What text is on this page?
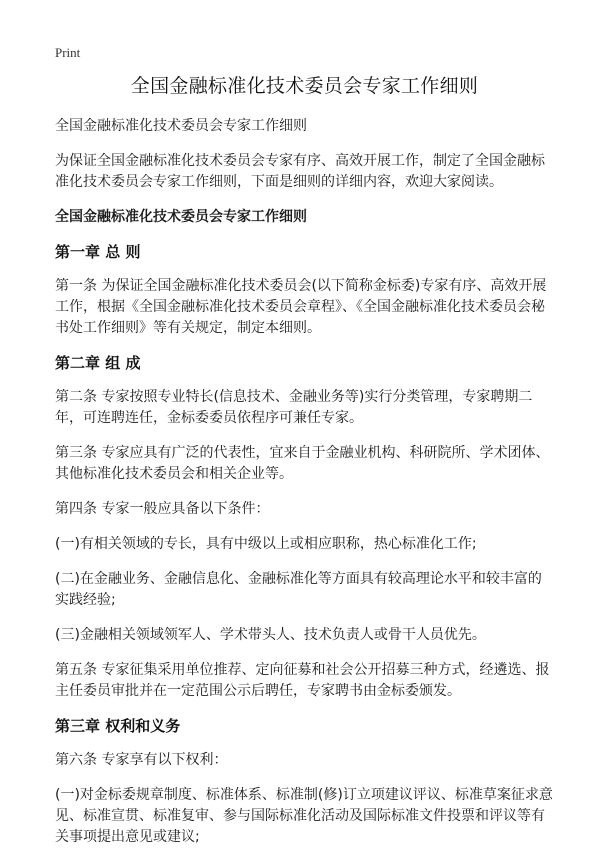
Print
全国金融标准化技术委员会专家工作细则

全国金融标准化技术委员会专家工作细则

为保证全国金融标准化技术委员会专家有序、高效开展工作，制定了全国金融标准化技术委员会专家工作细则，下面是细则的详细内容，欢迎大家阅读。

全国金融标准化技术委员会专家工作细则

第一章 总 则

第一条 为保证全国金融标准化技术委员会(以下简称金标委)专家有序、高效开展工作，根据《全国金融标准化技术委员会章程》、《全国金融标准化技术委员会秘书处工作细则》等有关规定，制定本细则。

第二章 组 成

第二条 专家按照专业特长(信息技术、金融业务等)实行分类管理，专家聘期二年，可连聘连任，金标委委员依程序可兼任专家。

第三条 专家应具有广泛的代表性，宜来自于金融业机构、科研院所、学术团体、其他标准化技术委员会和相关企业等。

第四条 专家一般应具备以下条件：

(一)有相关领域的专长，具有中级以上或相应职称，热心标准化工作;

(二)在金融业务、金融信息化、金融标准化等方面具有较高理论水平和较丰富的实践经验;

(三)金融相关领域领军人、学术带头人、技术负责人或骨干人员优先。

第五条 专家征集采用单位推荐、定向征募和社会公开招募三种方式，经遴选、报主任委员审批并在一定范围公示后聘任，专家聘书由金标委颁发。

第三章 权利和义务

第六条 专家享有以下权利：

(一)对金标委规章制度、标准体系、标准制(修)订立项建议评议、标准草案征求意见、标准宣贯、标准复审、参与国际标准化活动及国际标准文件投票和评议等有关事项提出意见或建议;
